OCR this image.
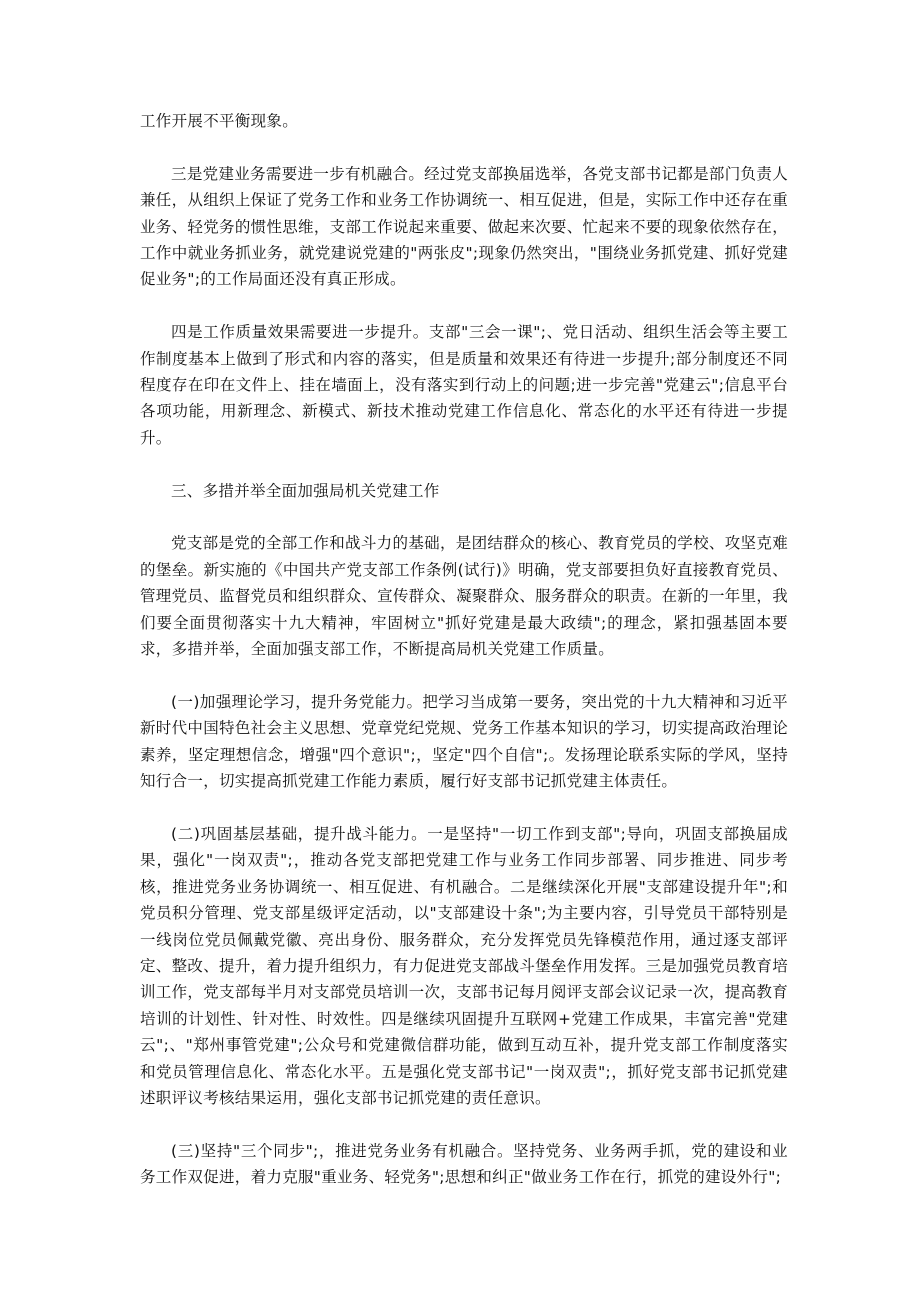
工作开展不平衡现象。

三是党建业务需要进一步有机融合。经过党支部换届选举，各党支部书记都是部门负责人兼任，从组织上保证了党务工作和业务工作协调统一、相互促进，但是，实际工作中还存在重业务、轻党务的惯性思维，支部工作说起来重要、做起来次要、忙起来不要的现象依然存在，工作中就业务抓业务，就党建说党建的"两张皮";现象仍然突出，"围绕业务抓党建、抓好党建促业务";的工作局面还没有真正形成。

四是工作质量效果需要进一步提升。支部"三会一课";、党日活动、组织生活会等主要工作制度基本上做到了形式和内容的落实，但是质量和效果还有待进一步提升;部分制度还不同程度存在印在文件上、挂在墙面上，没有落实到行动上的问题;进一步完善"党建云";信息平台各项功能，用新理念、新模式、新技术推动党建工作信息化、常态化的水平还有待进一步提升。

三、多措并举全面加强局机关党建工作

党支部是党的全部工作和战斗力的基础，是团结群众的核心、教育党员的学校、攻坚克难的堡垒。新实施的《中国共产党支部工作条例(试行)》明确，党支部要担负好直接教育党员、管理党员、监督党员和组织群众、宣传群众、凝聚群众、服务群众的职责。在新的一年里，我们要全面贯彻落实十九大精神，牢固树立"抓好党建是最大政绩";的理念，紧扣强基固本要求，多措并举，全面加强支部工作，不断提高局机关党建工作质量。

(一)加强理论学习，提升务党能力。把学习当成第一要务，突出党的十九大精神和习近平新时代中国特色社会主义思想、党章党纪党规、党务工作基本知识的学习，切实提高政治理论素养，坚定理想信念，增强"四个意识";，坚定"四个自信";。发扬理论联系实际的学风，坚持知行合一，切实提高抓党建工作能力素质，履行好支部书记抓党建主体责任。

(二)巩固基层基础，提升战斗能力。一是坚持"一切工作到支部";导向，巩固支部换届成果，强化"一岗双责";，推动各党支部把党建工作与业务工作同步部署、同步推进、同步考核，推进党务业务协调统一、相互促进、有机融合。二是继续深化开展"支部建设提升年";和党员积分管理、党支部星级评定活动，以"支部建设十条";为主要内容，引导党员干部特别是一线岗位党员佩戴党徽、亮出身份、服务群众，充分发挥党员先锋模范作用，通过逐支部评定、整改、提升，着力提升组织力，有力促进党支部战斗堡垒作用发挥。三是加强党员教育培训工作，党支部每半月对支部党员培训一次，支部书记每月阅评支部会议记录一次，提高教育培训的计划性、针对性、时效性。四是继续巩固提升互联网+党建工作成果，丰富完善"党建云";、"郑州事管党建";公众号和党建微信群功能，做到互动互补，提升党支部工作制度落实和党员管理信息化、常态化水平。五是强化党支部书记"一岗双责";，抓好党支部书记抓党建述职评议考核结果运用，强化支部书记抓党建的责任意识。

(三)坚持"三个同步";，推进党务业务有机融合。坚持党务、业务两手抓，党的建设和业务工作双促进，着力克服"重业务、轻党务";思想和纠正"做业务工作在行，抓党的建设外行";
